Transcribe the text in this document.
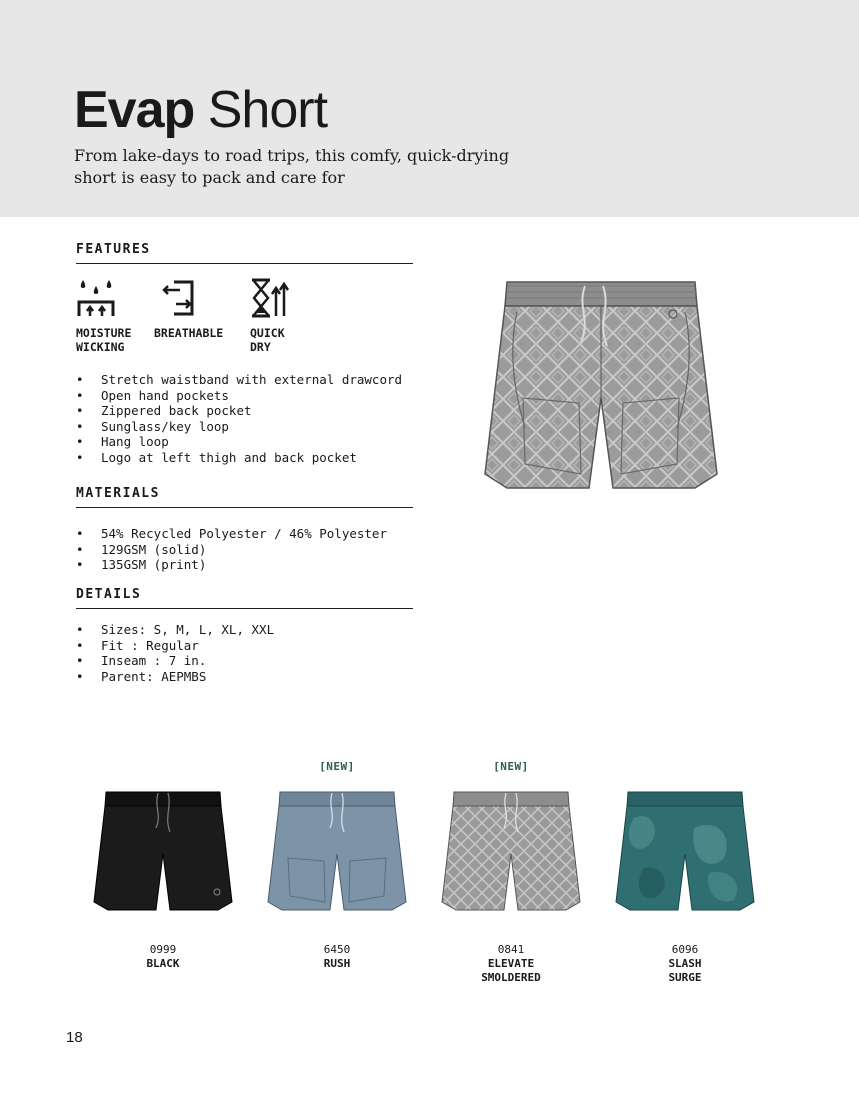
Evap Short

From lake-days to road trips, this comfy, quick-drying short is easy to pack and care for

FEATURES
MOISTURE
WICKING
BREATHABLE	QUICK
DRY
• Stretch waistband with external drawcord
• Open hand pockets
• Zippered back pocket
• Sunglass/key loop
• Hang loop
• Logo at left thigh and back pocket
MATERIALS
• 54% Recycled Polyester / 46% Polyester
• 129GSM (solid)
• 135GSM (print)
DETAILS
• Sizes: S, M, L, XL, XXL
• Fit : Regular
• Inseam : 7 in.
• Parent: AEPMBS
[NEW]	[NEW]
0999
BLACK
6450
RUSH
0841
ELEVATE
SMOLDERED
6096
SLASH
SURGE
18
